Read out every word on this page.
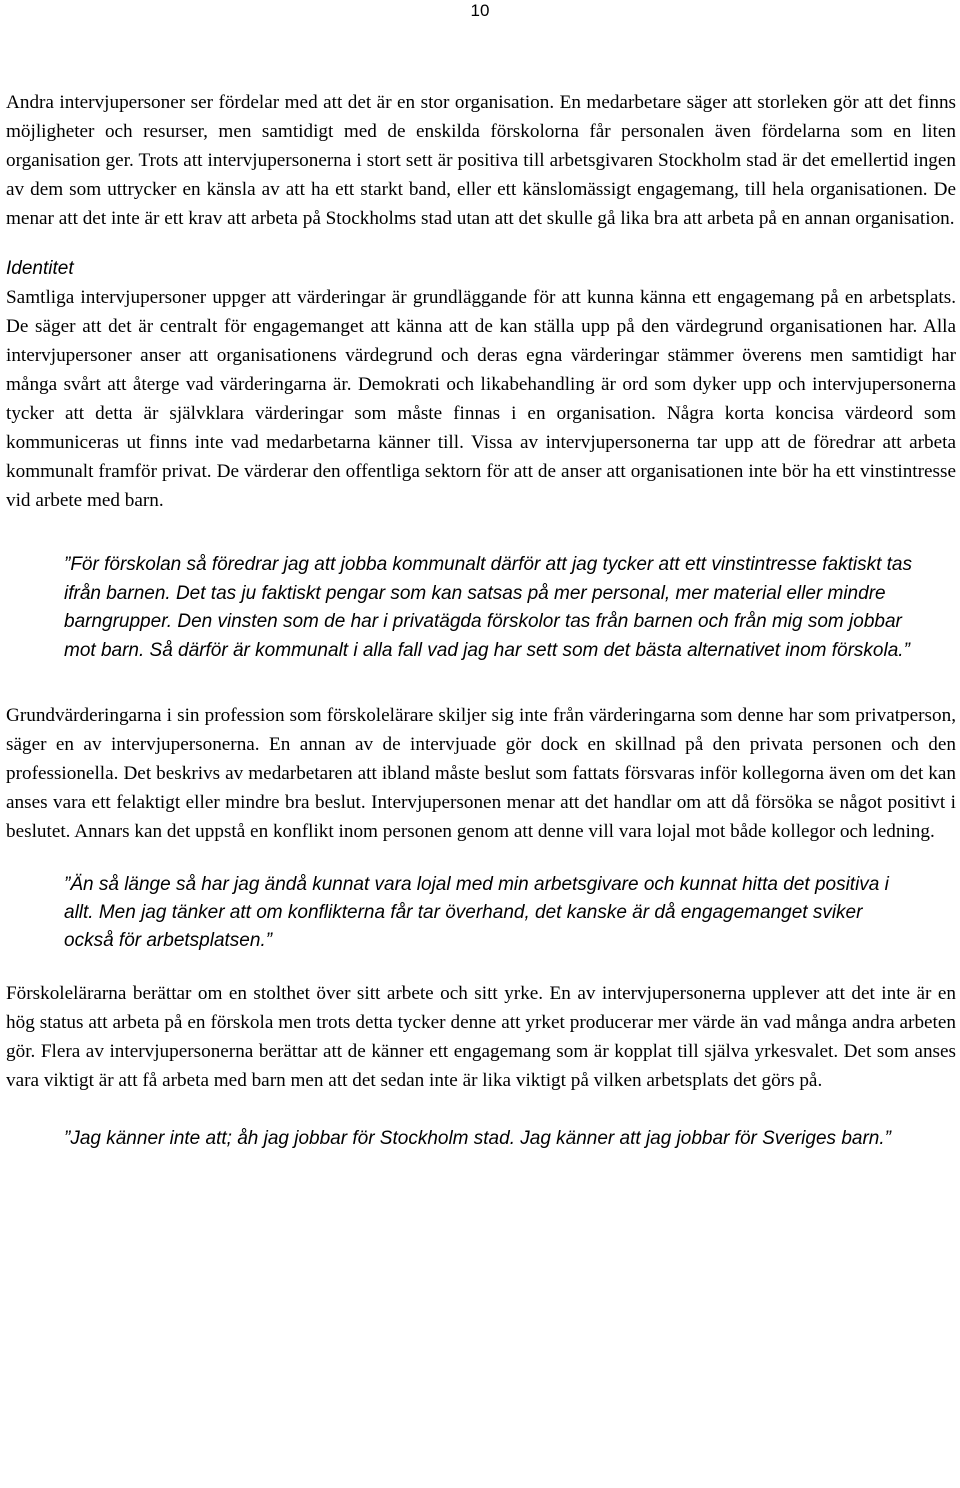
10

Andra intervjupersoner ser fördelar med att det är en stor organisation. En medarbetare säger att storleken gör att det finns möjligheter och resurser, men samtidigt med de enskilda förskolorna får personalen även fördelarna som en liten organisation ger. Trots att intervjupersonerna i stort sett är positiva till arbetsgivaren Stockholm stad är det emellertid ingen av dem som uttrycker en känsla av att ha ett starkt band, eller ett känslomässigt engagemang, till hela organisationen. De menar att det inte är ett krav att arbeta på Stockholms stad utan att det skulle gå lika bra att arbeta på en annan organisation.

Identitet

Samtliga intervjupersoner uppger att värderingar är grundläggande för att kunna känna ett engagemang på en arbetsplats. De säger att det är centralt för engagemanget att känna att de kan ställa upp på den värdegrund organisationen har. Alla intervjupersoner anser att organisationens värdegrund och deras egna värderingar stämmer överens men samtidigt har många svårt att återge vad värderingarna är. Demokrati och likabehandling är ord som dyker upp och intervjupersonerna tycker att detta är självklara värderingar som måste finnas i en organisation. Några korta koncisa värdeord som kommuniceras ut finns inte vad medarbetarna känner till. Vissa av intervjupersonerna tar upp att de föredrar att arbeta kommunalt framför privat. De värderar den offentliga sektorn för att de anser att organisationen inte bör ha ett vinstintresse vid arbete med barn.

”För förskolan så föredrar jag att jobba kommunalt därför att jag tycker att ett vinstintresse faktiskt tas ifrån barnen. Det tas ju faktiskt pengar som kan satsas på mer personal, mer material eller mindre barngrupper. Den vinsten som de har i privatägda förskolor tas från barnen och från mig som jobbar mot barn. Så därför är kommunalt i alla fall vad jag har sett som det bästa alternativet inom förskola.”

Grundvärderingarna i sin profession som förskolelärare skiljer sig inte från värderingarna som denne har som privatperson, säger en av intervjupersonerna. En annan av de intervjuade gör dock en skillnad på den privata personen och den professionella. Det beskrivs av medarbetaren att ibland måste beslut som fattats försvaras inför kollegorna även om det kan anses vara ett felaktigt eller mindre bra beslut. Intervjupersonen menar att det handlar om att då försöka se något positivt i beslutet. Annars kan det uppstå en konflikt inom personen genom att denne vill vara lojal mot både kollegor och ledning.

”Än så länge så har jag ändå kunnat vara lojal med min arbetsgivare och kunnat hitta det positiva i allt. Men jag tänker att om konflikterna får tar överhand, det kanske är då engagemanget sviker också för arbetsplatsen.”

Förskolelärarna berättar om en stolthet över sitt arbete och sitt yrke. En av intervjupersonerna upplever att det inte är en hög status att arbeta på en förskola men trots detta tycker denne att yrket producerar mer värde än vad många andra arbeten gör. Flera av intervjupersonerna berättar att de känner ett engagemang som är kopplat till själva yrkesvalet. Det som anses vara viktigt är att få arbeta med barn men att det sedan inte är lika viktigt på vilken arbetsplats det görs på.

”Jag känner inte att; åh jag jobbar för Stockholm stad. Jag känner att jag jobbar för Sveriges barn.”
